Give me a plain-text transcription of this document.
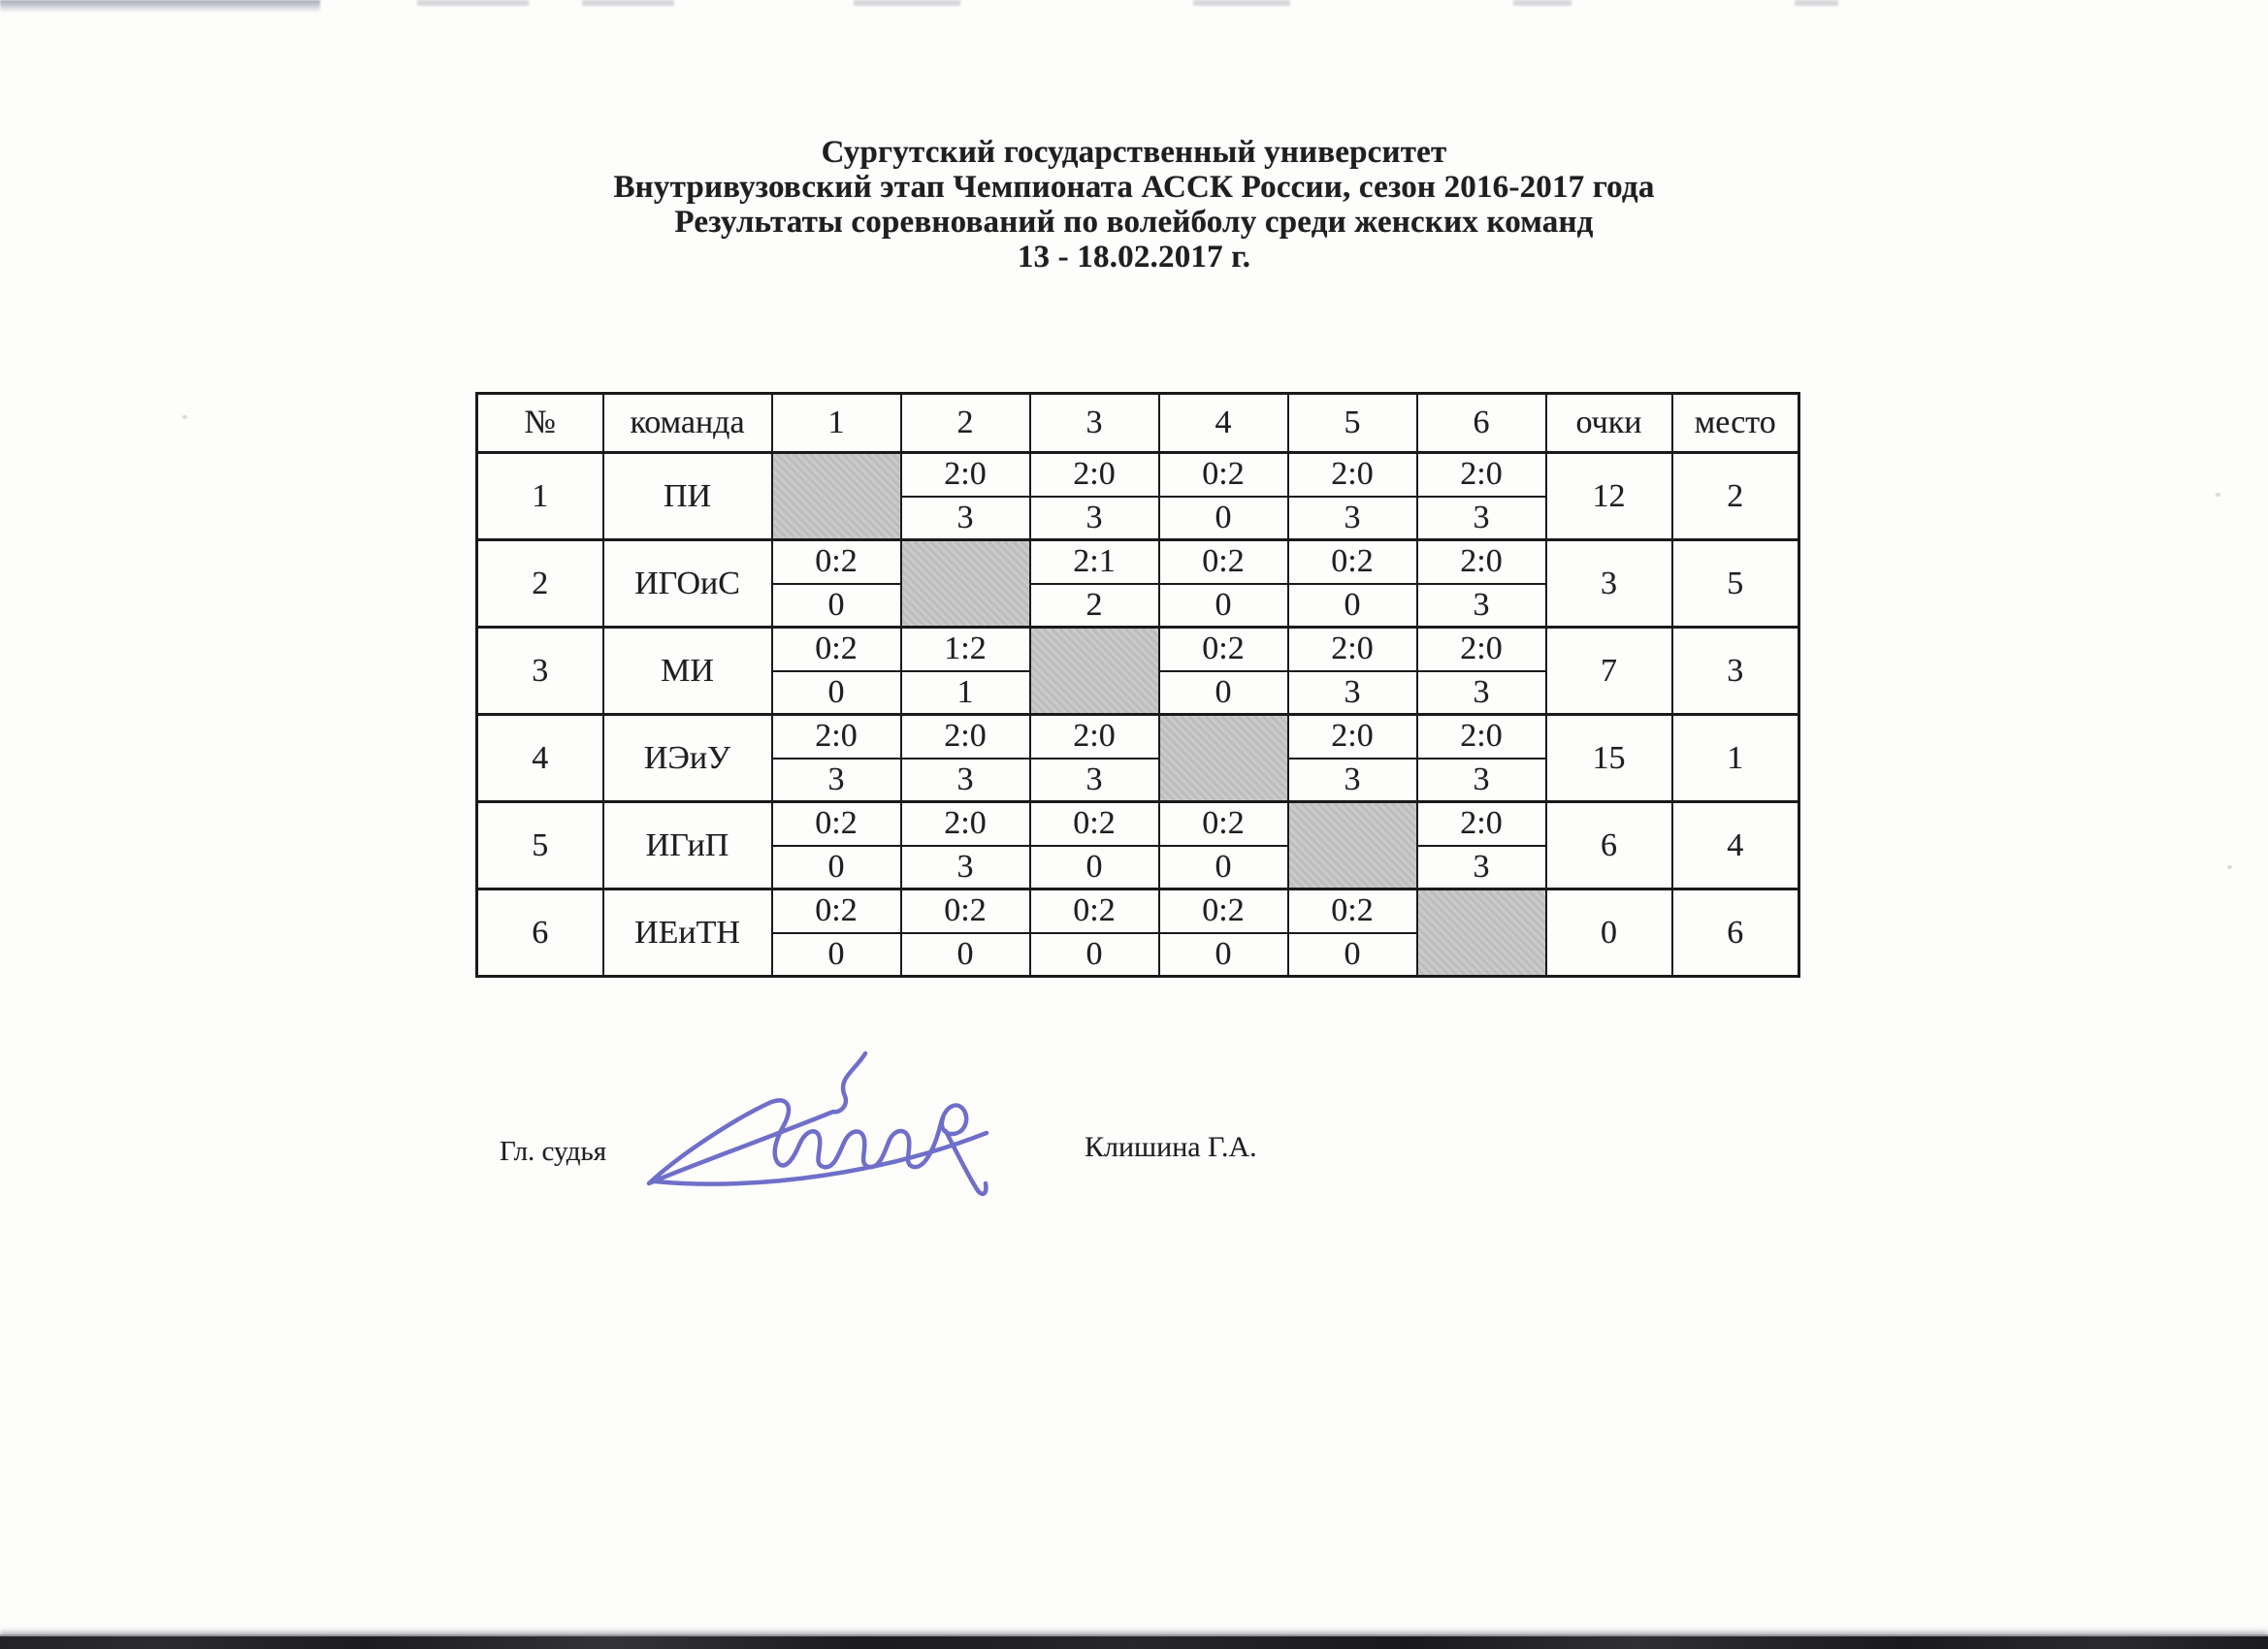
Сургутский государственный университет
Внутривузовский этап Чемпионата АССК России, сезон 2016-2017 года
Результаты соревнований по волейболу среди женских команд
13 - 18.02.2017 г.
№	команда	1	2	3	4	5	6	очки	место
1	ПИ		2:0	2:0	0:2	2:0	2:0	12	2
			3	3	0	3	3		
2	ИГОиС	0:2		2:1	0:2	0:2	2:0	3	5
		0		2	0	0	3		
3	МИ	0:2	1:2		0:2	2:0	2:0	7	3
		0	1		0	3	3		
4	ИЭиУ	2:0	2:0	2:0		2:0	2:0	15	1
		3	3	3		3	3		
5	ИГиП	0:2	2:0	0:2	0:2		2:0	6	4
		0	3	0	0		3		
6	ИЕиТН	0:2	0:2	0:2	0:2	0:2		0	6
		0	0	0	0	0			
Гл. судья	Клишина Г.А.
